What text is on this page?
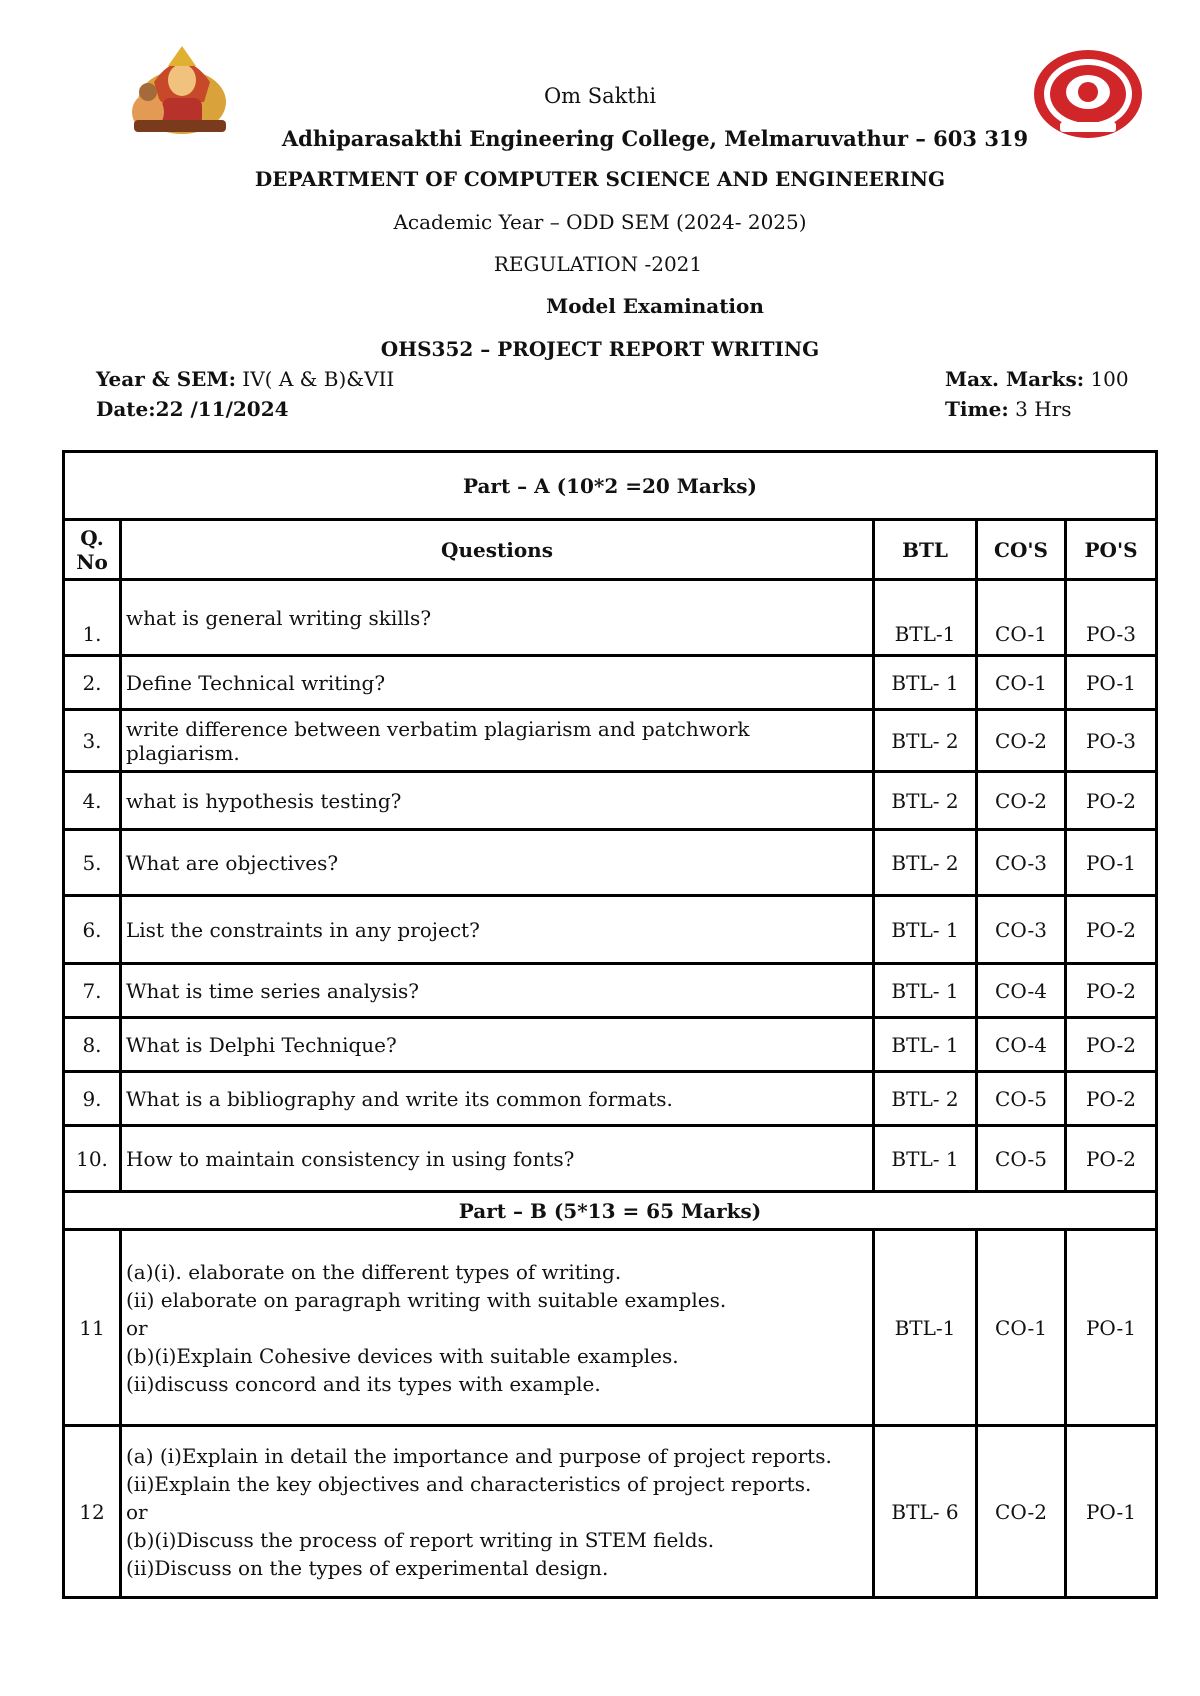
Om Sakthi
Adhiparasakthi Engineering College, Melmaruvathur – 603 319
DEPARTMENT OF COMPUTER SCIENCE AND ENGINEERING
Academic Year – ODD SEM (2024- 2025)
REGULATION -2021
Model Examination
OHS352 – PROJECT REPORT WRITING
Year & SEM: IV( A & B)&VII
Date:22 /11/2024
Max. Marks: 100
Time: 3 Hrs
Part – A (10*2 =20 Marks)				
Q. No	Questions	BTL	CO'S	PO'S
1.	what is general writing skills?	BTL-1	CO-1	PO-3
2.	Define Technical writing?	BTL- 1	CO-1	PO-1
3.	write difference between verbatim plagiarism and patchwork plagiarism.	BTL- 2	CO-2	PO-3
4.	what is hypothesis testing?	BTL- 2	CO-2	PO-2
5.	What are objectives?	BTL- 2	CO-3	PO-1
6.	List the constraints in any project?	BTL- 1	CO-3	PO-2
7.	What is time series analysis?	BTL- 1	CO-4	PO-2
8.	What is Delphi Technique?	BTL- 1	CO-4	PO-2
9.	What is a bibliography and write its common formats.	BTL- 2	CO-5	PO-2
10.	How to maintain consistency in using fonts?	BTL- 1	CO-5	PO-2
Part – B (5*13 = 65 Marks)				
11	(a)(i). elaborate on the different types of writing.
(ii) elaborate on paragraph writing with suitable examples.
or
(b)(i)Explain Cohesive devices with suitable examples.
(ii)discuss concord and its types with example.	BTL-1	CO-1	PO-1
12	(a) (i)Explain in detail the importance and purpose of project reports.
(ii)Explain the key objectives and characteristics of project reports.
or
(b)(i)Discuss the process of report writing in STEM fields.
(ii)Discuss on the types of experimental design.	BTL- 6	CO-2	PO-1
